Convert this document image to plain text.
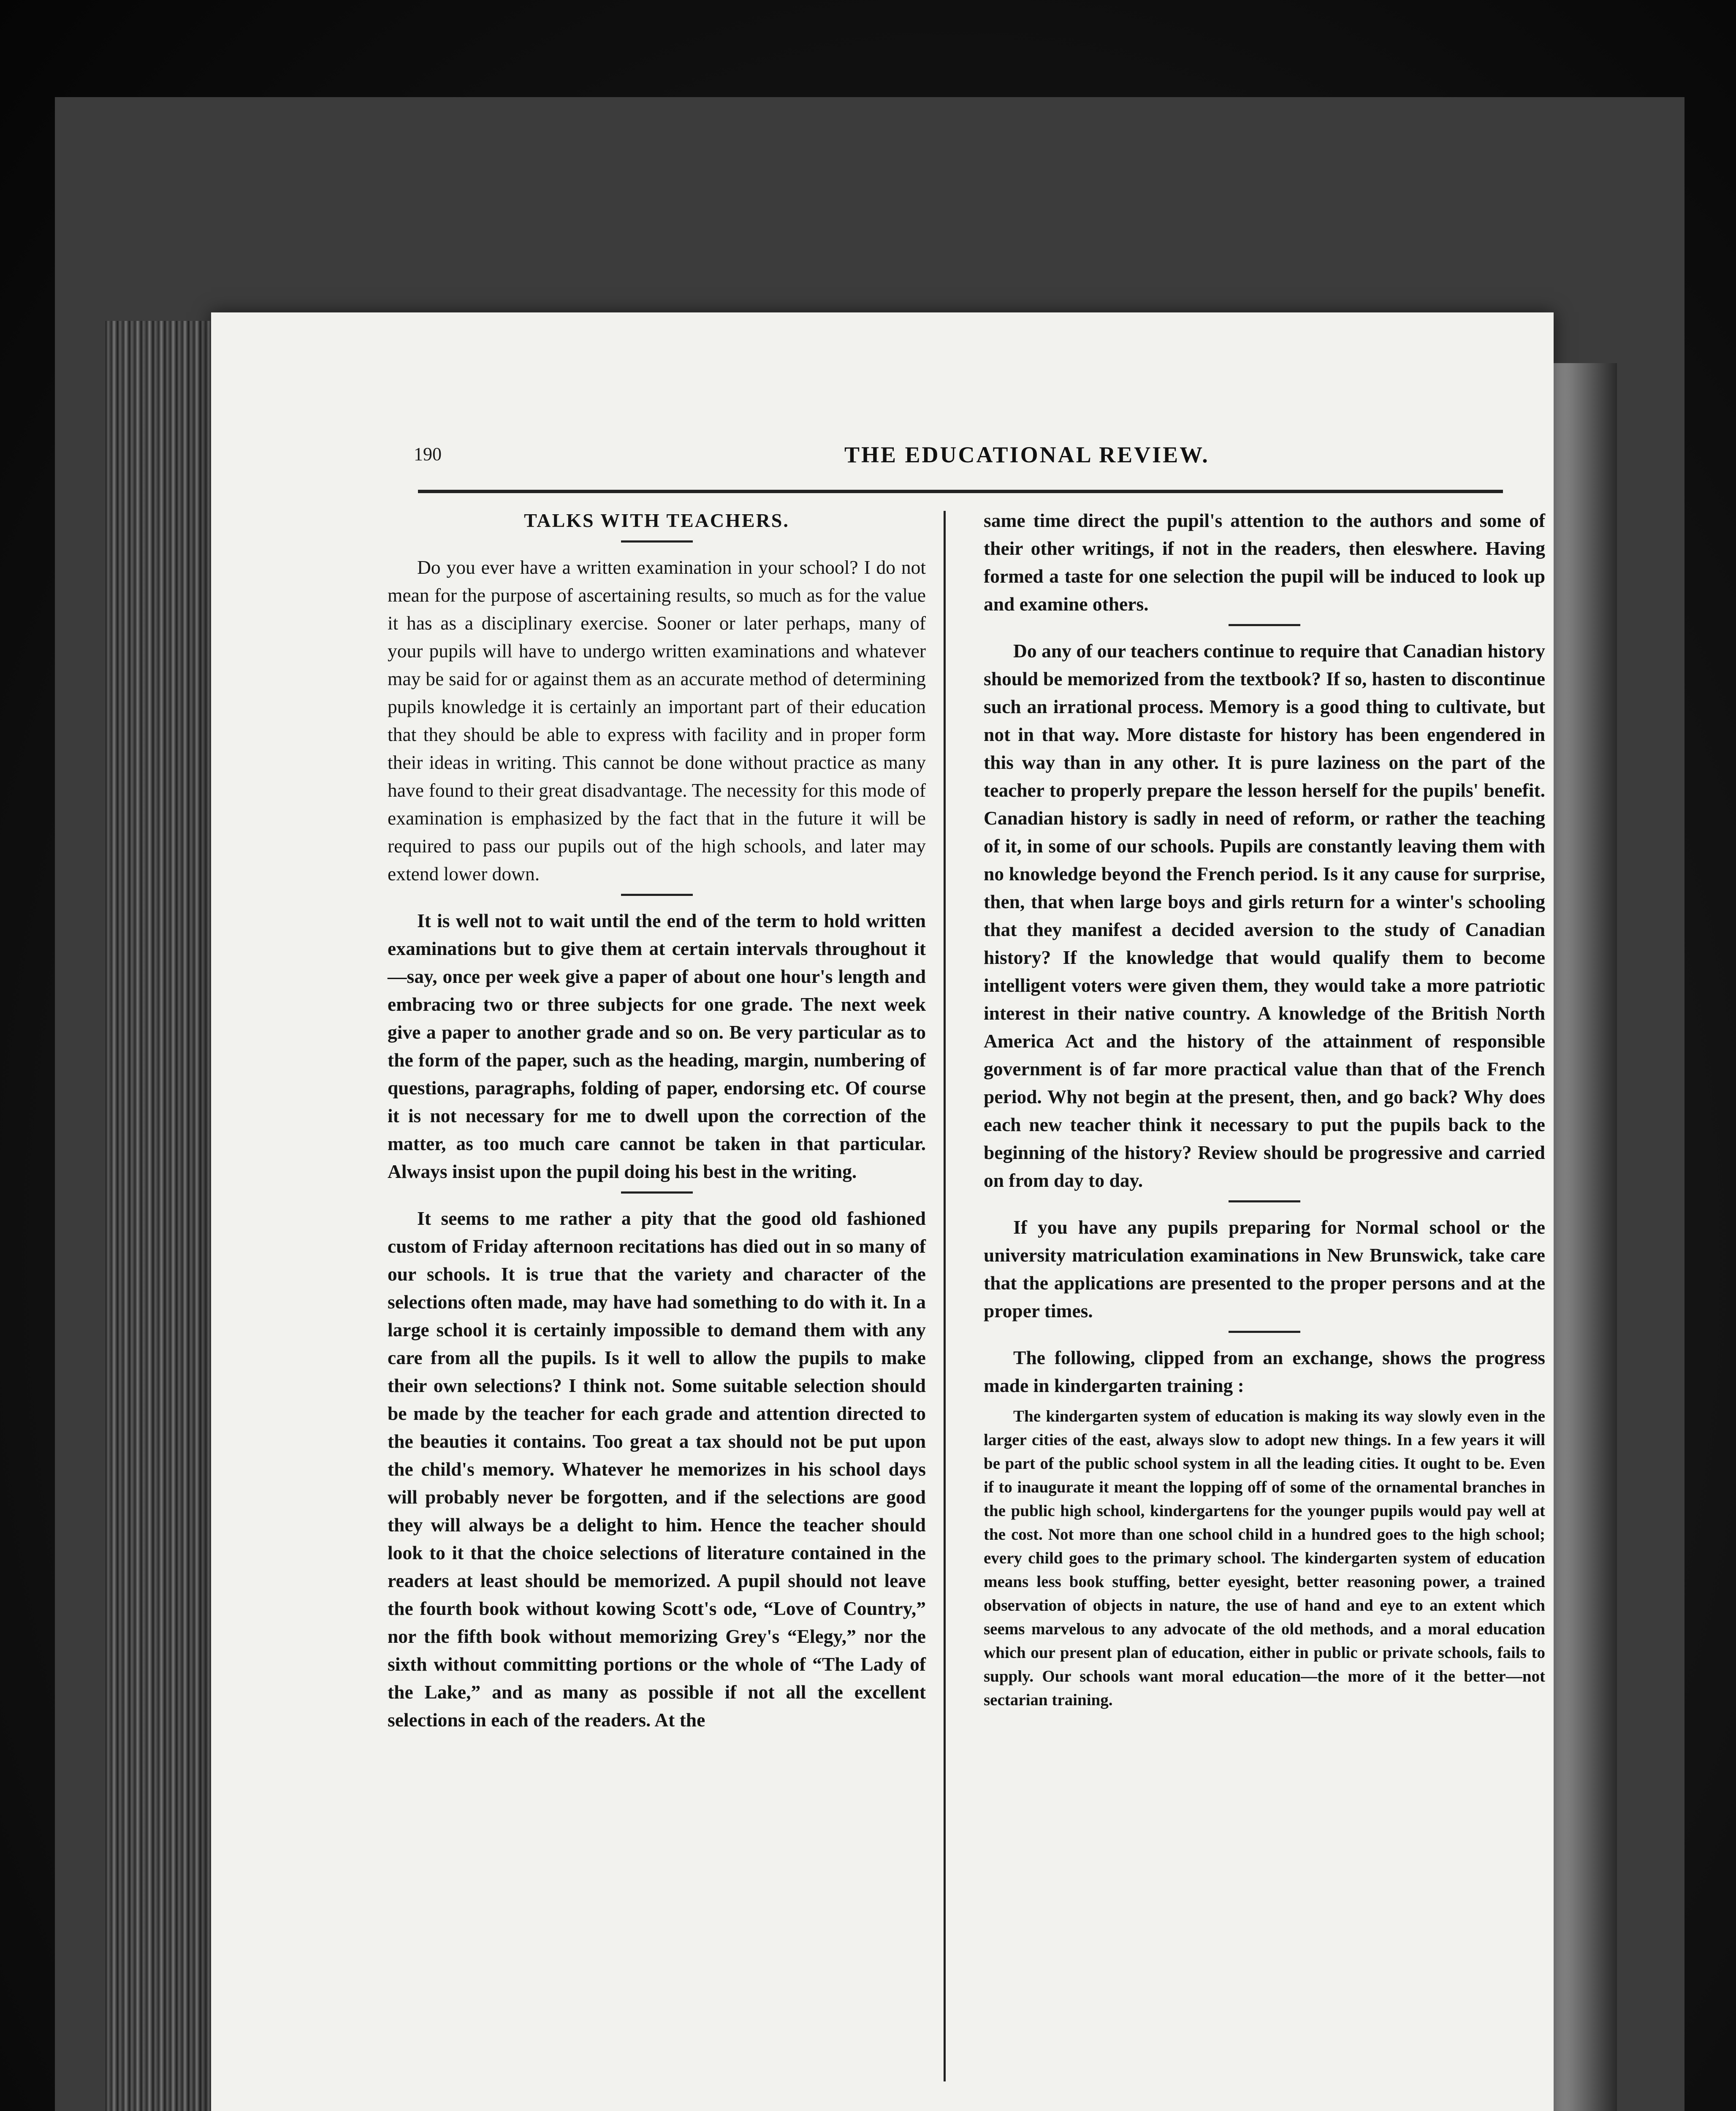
190	THE EDUCATIONAL REVIEW.

TALKS WITH TEACHERS.

Do you ever have a written examination in your school? I do not mean for the purpose of ascertaining results, so much as for the value it has as a disciplinary exercise. Sooner or later perhaps, many of your pupils will have to undergo written examinations and whatever may be said for or against them as an accurate method of determining pupils knowledge it is certainly an important part of their education that they should be able to express with facility and in proper form their ideas in writing. This cannot be done without practice as many have found to their great disadvantage. The necessity for this mode of examination is emphasized by the fact that in the future it will be required to pass our pupils out of the high schools, and later may extend lower down.

It is well not to wait until the end of the term to hold written examinations but to give them at certain intervals throughout it—say, once per week give a paper of about one hour's length and embracing two or three subjects for one grade. The next week give a paper to another grade and so on. Be very particular as to the form of the paper, such as the heading, margin, numbering of questions, paragraphs, folding of paper, endorsing etc. Of course it is not necessary for me to dwell upon the correction of the matter, as too much care cannot be taken in that particular. Always insist upon the pupil doing his best in the writing.

It seems to me rather a pity that the good old fashioned custom of Friday afternoon recitations has died out in so many of our schools. It is true that the variety and character of the selections often made, may have had something to do with it. In a large school it is certainly impossible to demand them with any care from all the pupils. Is it well to allow the pupils to make their own selections? I think not. Some suitable selection should be made by the teacher for each grade and attention directed to the beauties it contains. Too great a tax should not be put upon the child's memory. Whatever he memorizes in his school days will probably never be forgotten, and if the selections are good they will always be a delight to him. Hence the teacher should look to it that the choice selections of literature contained in the readers at least should be memorized. A pupil should not leave the fourth book without kowing Scott's ode, “Love of Country,” nor the fifth book without memorizing Grey's “Elegy,” nor the sixth without committing portions or the whole of “The Lady of the Lake,” and as many as possible if not all the excellent selections in each of the readers. At the

same time direct the pupil's attention to the authors and some of their other writings, if not in the readers, then eleswhere. Having formed a taste for one selection the pupil will be induced to look up and examine others.

Do any of our teachers continue to require that Canadian history should be memorized from the textbook? If so, hasten to discontinue such an irrational process. Memory is a good thing to cultivate, but not in that way. More distaste for history has been engendered in this way than in any other. It is pure laziness on the part of the teacher to properly prepare the lesson herself for the pupils' benefit. Canadian history is sadly in need of reform, or rather the teaching of it, in some of our schools. Pupils are constantly leaving them with no knowledge beyond the French period. Is it any cause for surprise, then, that when large boys and girls return for a winter's schooling that they manifest a decided aversion to the study of Canadian history? If the knowledge that would qualify them to become intelligent voters were given them, they would take a more patriotic interest in their native country. A knowledge of the British North America Act and the history of the attainment of responsible government is of far more practical value than that of the French period. Why not begin at the present, then, and go back? Why does each new teacher think it necessary to put the pupils back to the beginning of the history? Review should be progressive and carried on from day to day.

If you have any pupils preparing for Normal school or the university matriculation examinations in New Brunswick, take care that the applications are presented to the proper persons and at the proper times.

The following, clipped from an exchange, shows the progress made in kindergarten training :

The kindergarten system of education is making its way slowly even in the larger cities of the east, always slow to adopt new things. In a few years it will be part of the public school system in all the leading cities. It ought to be. Even if to inaugurate it meant the lopping off of some of the ornamental branches in the public high school, kindergartens for the younger pupils would pay well at the cost. Not more than one school child in a hundred goes to the high school; every child goes to the primary school. The kindergarten system of education means less book stuffing, better eyesight, better reasoning power, a trained observation of objects in nature, the use of hand and eye to an extent which seems marvelous to any advocate of the old methods, and a moral education which our present plan of education, either in public or private schools, fails to supply. Our schools want moral education—the more of it the better—not sectarian training.
